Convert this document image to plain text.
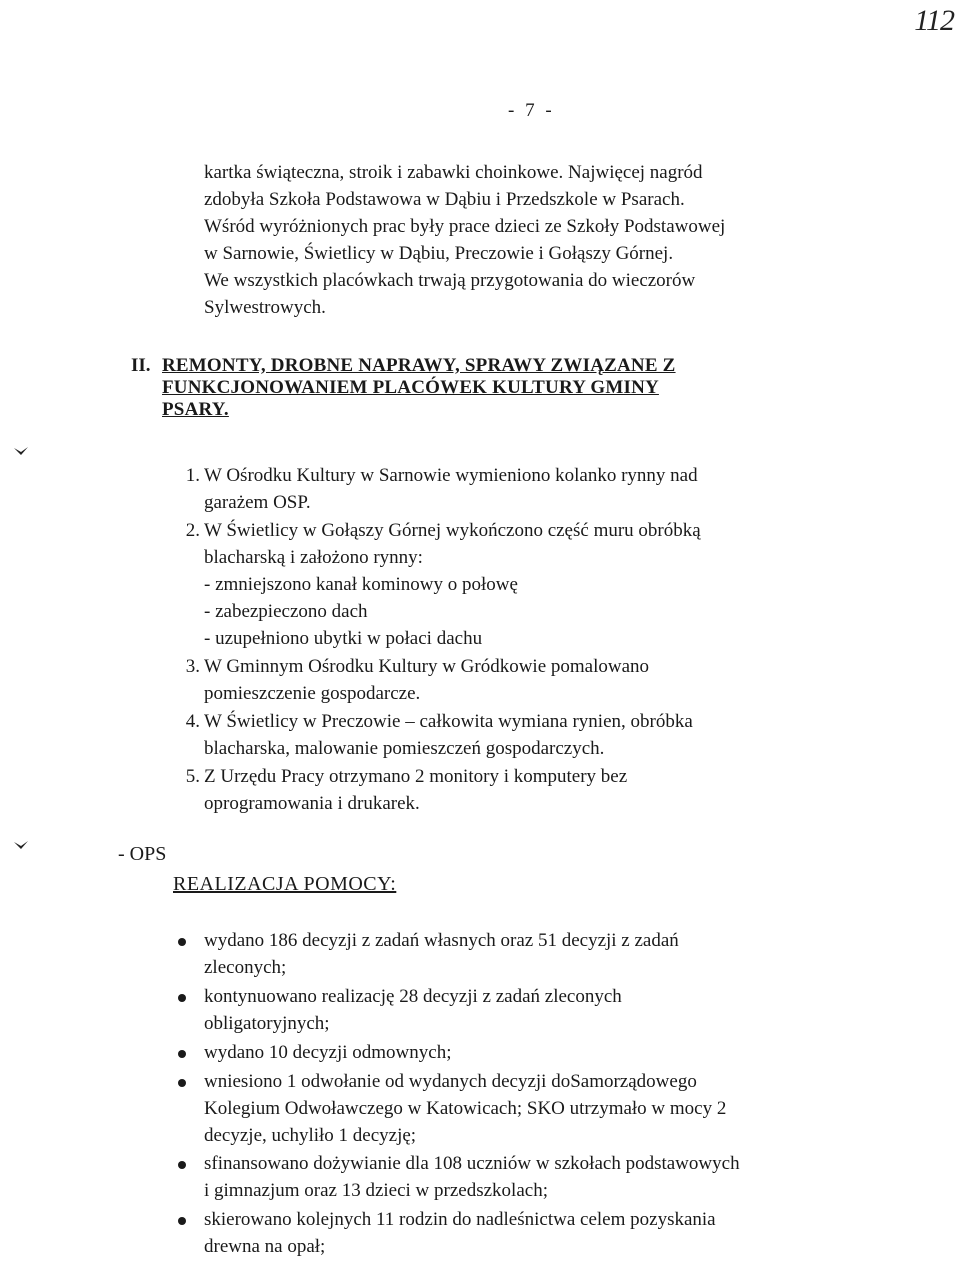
112
- 7 -
kartka świąteczna, stroik i zabawki choinkowe. Najwięcej nagród
zdobyła Szkoła Podstawowa w Dąbiu i Przedszkole w Psarach.
Wśród wyróżnionych prac były prace dzieci ze Szkoły Podstawowej
w Sarnowie, Świetlicy w Dąbiu, Preczowie i Gołąszy Górnej.
We wszystkich placówkach trwają przygotowania do wieczorów
Sylwestrowych.
II. REMONTY, DROBNE NAPRAWY, SPRAWY ZWIĄZANE Z
FUNKCJONOWANIEM PLACÓWEK KULTURY GMINY
PSARY.
1. W Ośrodku Kultury w Sarnowie wymieniono kolanko rynny nad
garażem OSP.
2. W Świetlicy w Gołąszy Górnej wykończono część muru obróbką
blacharską i założono rynny:
- zmniejszono kanał kominowy o połowę
- zabezpieczono dach
- uzupełniono ubytki w połaci dachu
3. W Gminnym Ośrodku Kultury w Gródkowie pomalowano
pomieszczenie gospodarcze.
4. W Świetlicy w Preczowie – całkowita wymiana rynien, obróbka
blacharska, malowanie pomieszczeń gospodarczych.
5. Z Urzędu Pracy otrzymano 2 monitory i komputery bez
oprogramowania i drukarek.
- OPS
REALIZACJA POMOCY:
wydano 186 decyzji z zadań własnych oraz 51 decyzji z zadań
zleconych;
kontynuowano realizację 28 decyzji z zadań zleconych
obligatoryjnych;
wydano 10 decyzji odmownych;
wniesiono 1 odwołanie od wydanych decyzji doSamorządowego
Kolegium Odwoławczego w Katowicach; SKO utrzymało w mocy 2
decyzje, uchyliło 1 decyzję;
sfinansowano dożywianie dla 108 uczniów w szkołach podstawowych
i gimnazjum oraz 13 dzieci w przedszkolach;
skierowano kolejnych 11 rodzin do nadleśnictwa celem pozyskania
drewna na opał;
